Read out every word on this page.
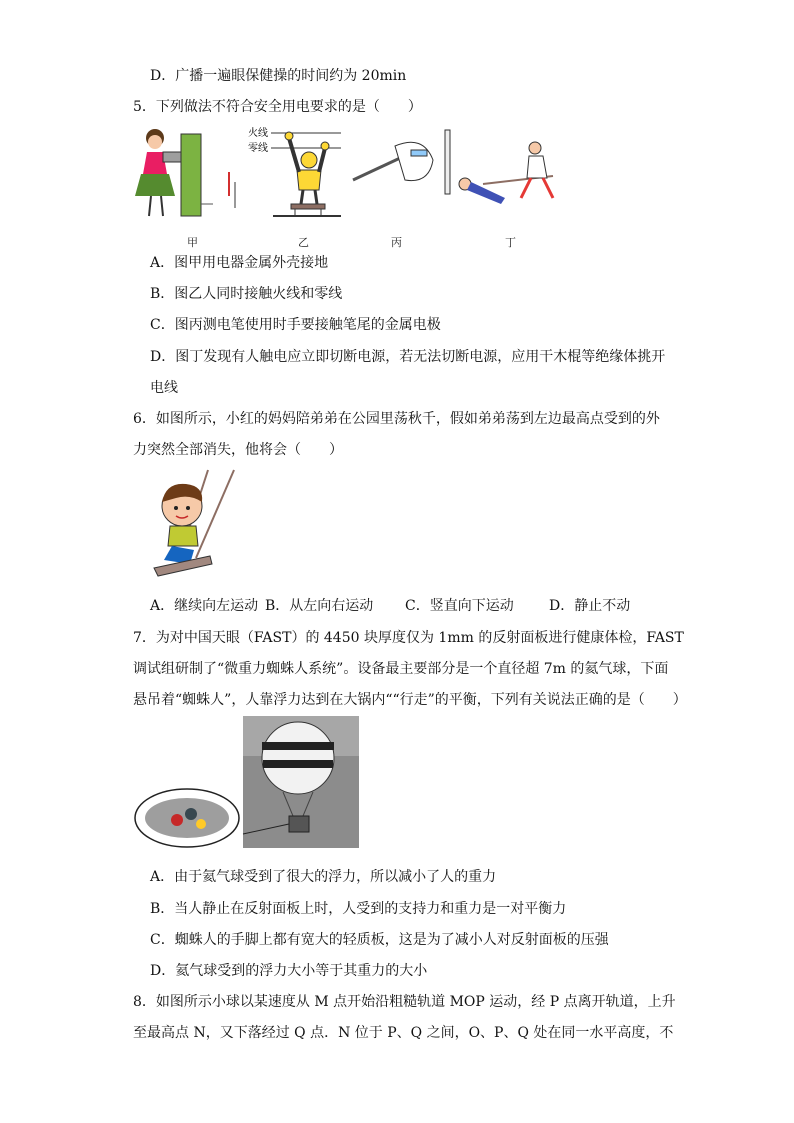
D．广播一遍眼保健操的时间约为 20min
5．下列做法不符合安全用电要求的是（　　）
火线
零线
甲	乙	丙	丁
A．图甲用电器金属外壳接地
B．图乙人同时接触火线和零线
C．图丙测电笔使用时手要接触笔尾的金属电极
D．图丁发现有人触电应立即切断电源，若无法切断电源，应用干木棍等绝缘体挑开
电线
6．如图所示，小红的妈妈陪弟弟在公园里荡秋千，假如弟弟荡到左边最高点受到的外
力突然全部消失，他将会（　　）
A．继续向左运动 B．从左向右运动 C．竖直向下运动	D．静止不动
7．为对中国天眼（FAST）的 4450 块厚度仅为 1mm 的反射面板进行健康体检，FAST
调试组研制了“微重力蜘蛛人系统”。设备最主要部分是一个直径超 7m 的氦气球，下面
悬吊着“蜘蛛人”，人靠浮力达到在大锅内““行走”的平衡，下列有关说法正确的是（　　）
A．由于氦气球受到了很大的浮力，所以减小了人的重力
B．当人静止在反射面板上时，人受到的支持力和重力是一对平衡力
C．蜘蛛人的手脚上都有宽大的轻质板，这是为了减小人对反射面板的压强
D．氦气球受到的浮力大小等于其重力的大小
8．如图所示小球以某速度从 M 点开始沿粗糙轨道 MOP 运动，经 P 点离开轨道，上升
至最高点 N，又下落经过 Q 点．N 位于 P、Q 之间，O、P、Q 处在同一水平高度，不
